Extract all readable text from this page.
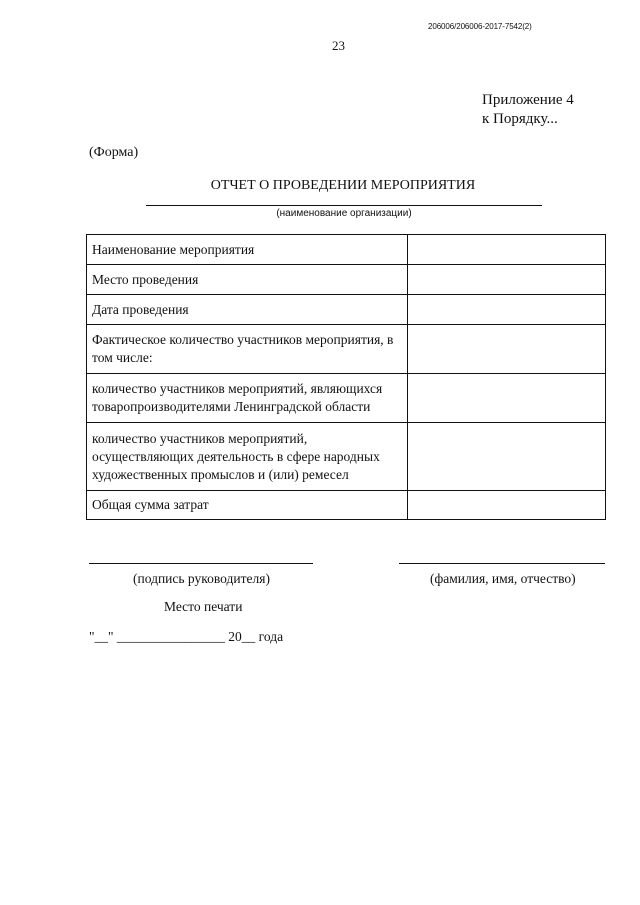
206006/206006-2017-7542(2)
23
Приложение 4
к Порядку...
(Форма)
ОТЧЕТ О ПРОВЕДЕНИИ МЕРОПРИЯТИЯ
(наименование организации)
Наименование мероприятия	
Место проведения	
Дата проведения	
Фактическое количество участников мероприятия, в том числе:	
количество участников мероприятий, являющихся товаропроизводителями Ленинградской области	
количество участников мероприятий, осуществляющих деятельность в сфере народных художественных промыслов и (или) ремесел	
Общая сумма затрат	
(подпись руководителя)	(фамилия, имя, отчество)
Место печати
"__" ________________ 20__ года
